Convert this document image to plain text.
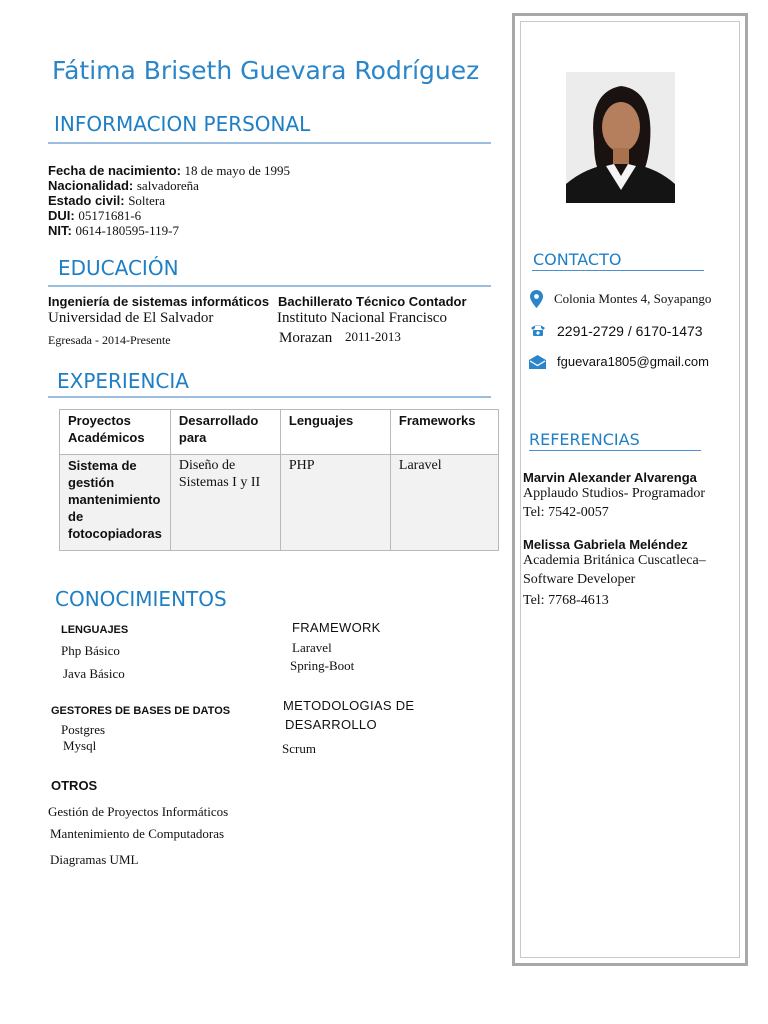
Fátima Briseth Guevara Rodríguez
INFORMACION PERSONAL
Fecha de nacimiento: 18 de mayo de 1995
Nacionalidad: salvadoreña
Estado civil: Soltera
DUI: 05171681-6
NIT: 0614-180595-119-7
EDUCACIÓN
Ingeniería de sistemas informáticos
Universidad de El Salvador
Egresada - 2014-Presente
Bachillerato Técnico Contador
Instituto Nacional Francisco
Morazan 2011-2013
EXPERIENCIA
Proyectos Académicos	Desarrollado para	Lenguajes	Frameworks
Sistema de gestión mantenimiento de fotocopiadoras	Diseño de Sistemas I y II	PHP	Laravel
CONOCIMIENTOS
LENGUAJES
Php Básico
Java Básico
FRAMEWORK
Laravel
Spring-Boot
GESTORES DE BASES DE DATOS
Postgres
Mysql
METODOLOGIAS DE
DESARROLLO
Scrum
OTROS
Gestión de Proyectos Informáticos
Mantenimiento de Computadoras
Diagramas UML
CONTACTO
Colonia Montes 4, Soyapango
2291-2729 / 6170-1473
fguevara1805@gmail.com
REFERENCIAS
Marvin Alexander Alvarenga
Applaudo Studios- Programador
Tel: 7542-0057
Melissa Gabriela Meléndez
Academia Británica Cuscatleca–
Software Developer
Tel: 7768-4613
